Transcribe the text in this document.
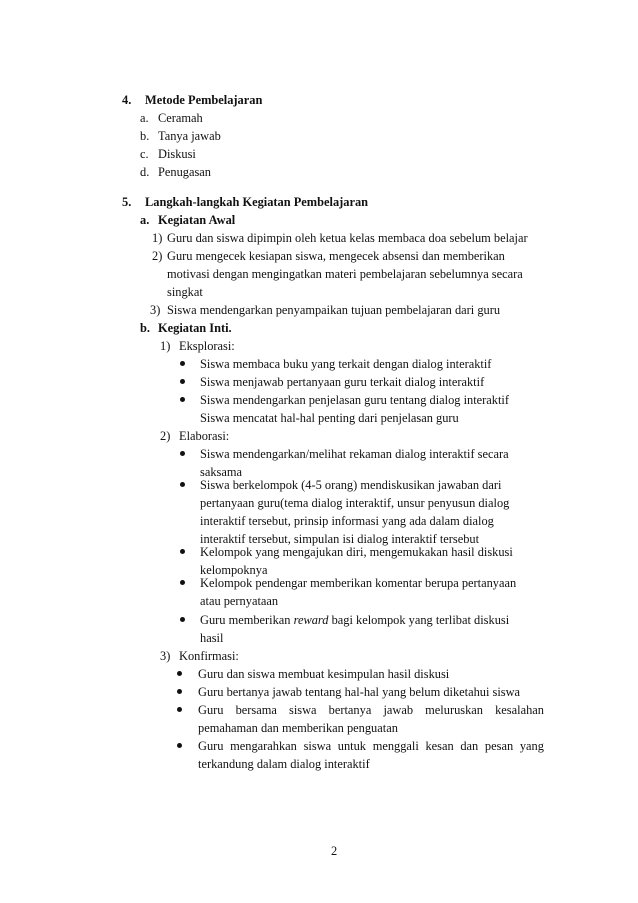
4. Metode Pembelajaran
a. Ceramah
b. Tanya jawab
c. Diskusi
d. Penugasan
5. Langkah-langkah Kegiatan Pembelajaran
a. Kegiatan Awal
1) Guru dan siswa dipimpin oleh ketua kelas membaca doa sebelum belajar
2) Guru mengecek kesiapan siswa, mengecek absensi dan memberikan
motivasi dengan mengingatkan materi pembelajaran sebelumnya secara
singkat
3) Siswa mendengarkan penyampaikan tujuan pembelajaran dari guru
b. Kegiatan Inti.
1) Eksplorasi:
Siswa membaca buku yang terkait dengan dialog interaktif
Siswa menjawab pertanyaan guru terkait dialog interaktif
Siswa mendengarkan penjelasan guru tentang dialog interaktif
Siswa mencatat hal-hal penting dari penjelasan guru
2) Elaborasi:
Siswa mendengarkan/melihat rekaman dialog interaktif secara
saksama
Siswa berkelompok (4-5 orang) mendiskusikan jawaban dari
pertanyaan guru(tema dialog interaktif, unsur penyusun dialog
interaktif tersebut, prinsip informasi yang ada dalam dialog
interaktif tersebut, simpulan isi dialog interaktif tersebut
Kelompok yang mengajukan diri, mengemukakan hasil diskusi
kelompoknya
Kelompok pendengar memberikan komentar berupa pertanyaan
atau pernyataan
Guru memberikan reward bagi kelompok yang terlibat diskusi
hasil
3) Konfirmasi:
Guru dan siswa membuat kesimpulan hasil diskusi
Guru bertanya jawab tentang hal-hal yang belum diketahui siswa
Guru bersama siswa bertanya jawab meluruskan kesalahan
pemahaman dan memberikan penguatan
Guru mengarahkan siswa untuk menggali kesan dan pesan yang
terkandung dalam dialog interaktif
2
